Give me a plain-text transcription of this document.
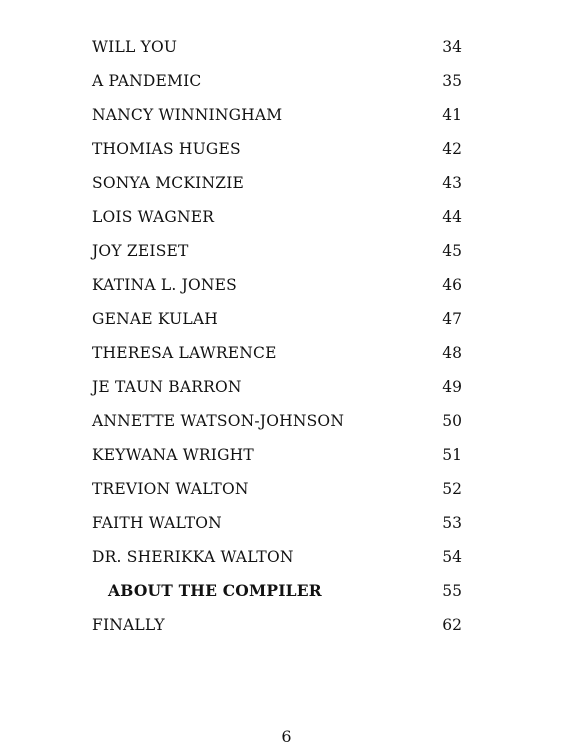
WILL YOU	34
A PANDEMIC	35
NANCY WINNINGHAM	41
THOMIAS HUGES	42
SONYA MCKINZIE	43
LOIS WAGNER	44
JOY ZEISET	45
KATINA L. JONES	46
GENAE KULAH	47
THERESA LAWRENCE	48
JE TAUN BARRON	49
ANNETTE WATSON-JOHNSON	50
KEYWANA WRIGHT	51
TREVION WALTON	52
FAITH WALTON	53
DR. SHERIKKA WALTON	54
ABOUT THE COMPILER	55
FINALLY	62
6
